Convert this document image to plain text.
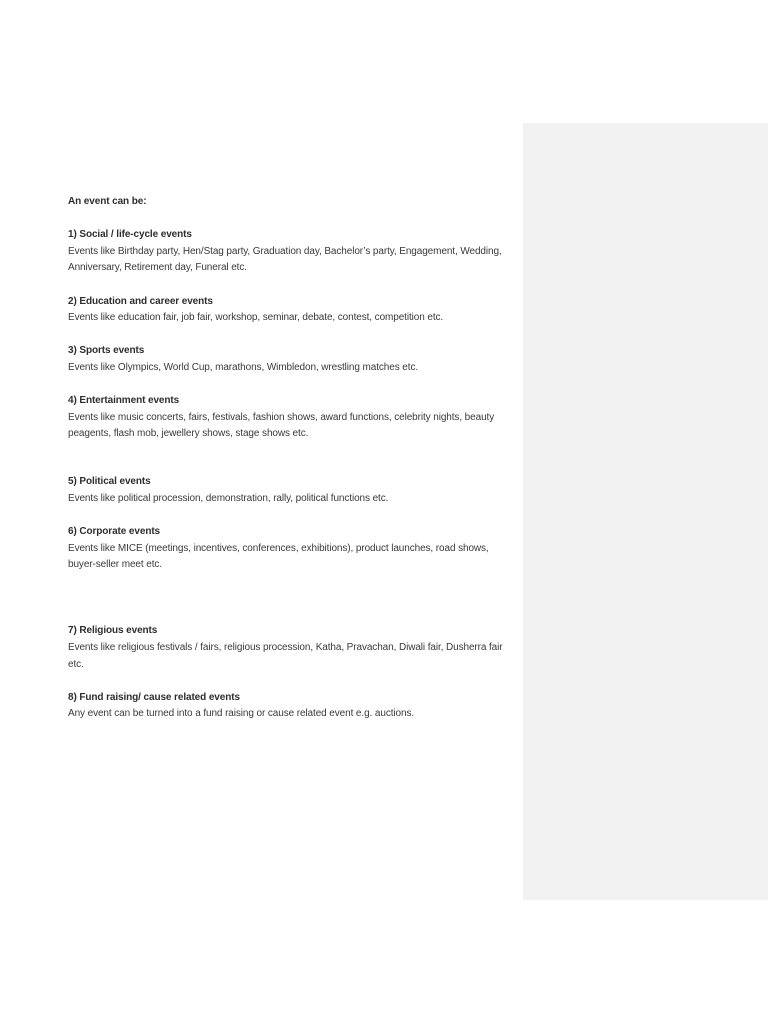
An event can be:

1) Social / life-cycle events

Events like Birthday party, Hen/Stag party, Graduation day, Bachelor’s party, Engagement, Wedding, Anniversary, Retirement day, Funeral etc.

2) Education and career events

Events like education fair, job fair, workshop, seminar, debate, contest, competition etc.

3) Sports events

Events like Olympics, World Cup, marathons, Wimbledon, wrestling matches etc.

4) Entertainment events

Events like music concerts, fairs, festivals, fashion shows, award functions, celebrity nights, beauty peagents, flash mob, jewellery shows, stage shows etc.

5) Political events

Events like political procession, demonstration, rally, political functions etc.

6) Corporate events

Events like MICE (meetings, incentives, conferences, exhibitions), product launches, road shows, buyer-seller meet etc.

7) Religious events

Events like religious festivals / fairs, religious procession, Katha, Pravachan, Diwali fair, Dusherra fair etc.

8) Fund raising/ cause related events

Any event can be turned into a fund raising or cause related event e.g. auctions.
